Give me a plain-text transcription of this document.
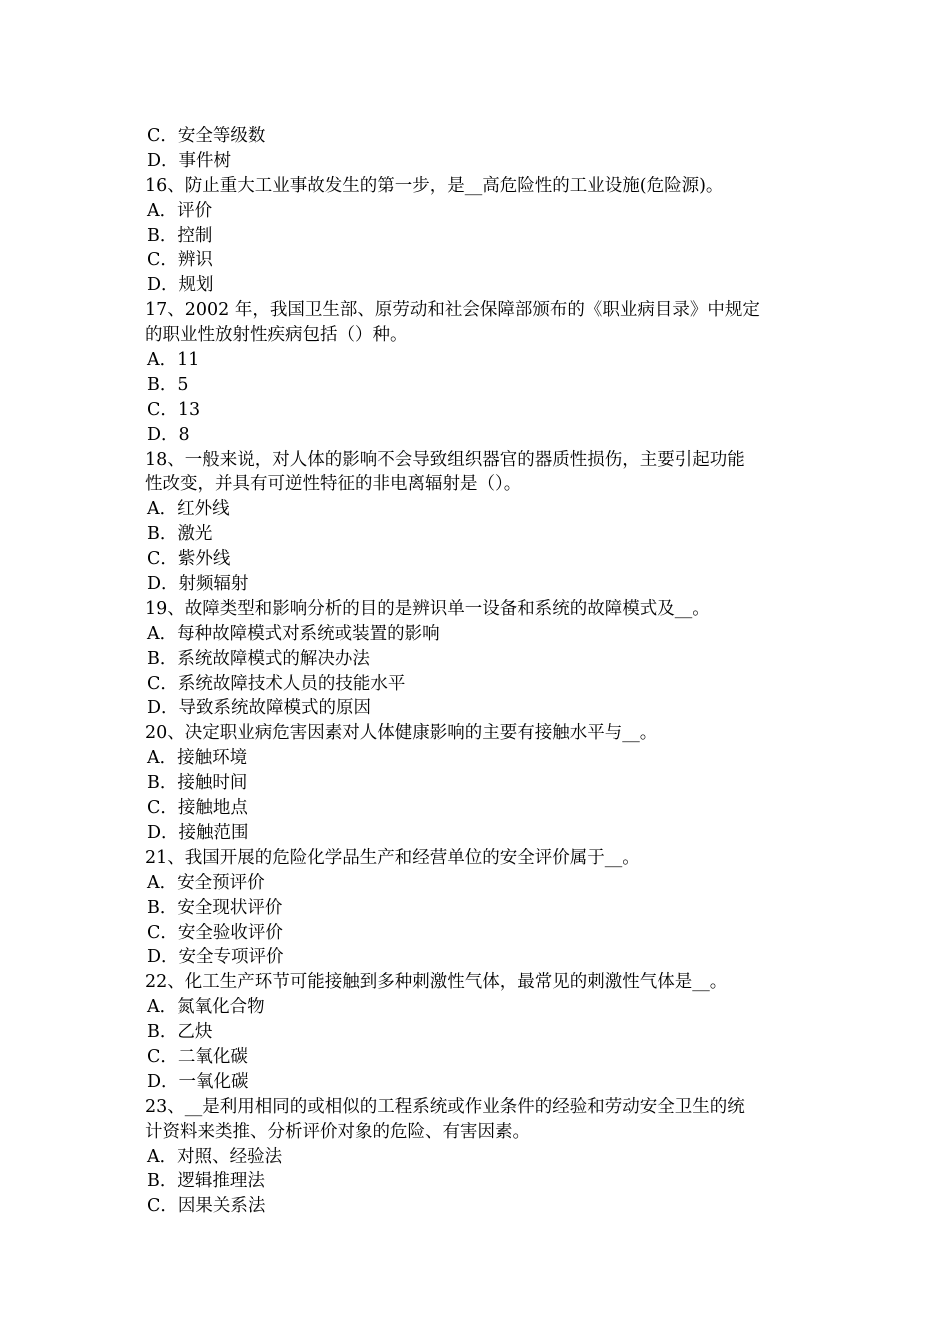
C．安全等级数
D．事件树
16、防止重大工业事故发生的第一步，是__高危险性的工业设施(危险源)。
A．评价
B．控制
C．辨识
D．规划
17、2002 年，我国卫生部、原劳动和社会保障部颁布的《职业病目录》中规定
的职业性放射性疾病包括（）种。
A．11
B．5
C．13
D．8
18、一般来说，对人体的影响不会导致组织器官的器质性损伤，主要引起功能
性改变，并具有可逆性特征的非电离辐射是（）。
A．红外线
B．激光
C．紫外线
D．射频辐射
19、故障类型和影响分析的目的是辨识单一设备和系统的故障模式及__。
A．每种故障模式对系统或装置的影响
B．系统故障模式的解决办法
C．系统故障技术人员的技能水平
D．导致系统故障模式的原因
20、决定职业病危害因素对人体健康影响的主要有接触水平与__。
A．接触环境
B．接触时间
C．接触地点
D．接触范围
21、我国开展的危险化学品生产和经营单位的安全评价属于__。
A．安全预评价
B．安全现状评价
C．安全验收评价
D．安全专项评价
22、化工生产环节可能接触到多种刺激性气体，最常见的刺激性气体是__。
A．氮氧化合物
B．乙炔
C．二氧化碳
D．一氧化碳
23、__是利用相同的或相似的工程系统或作业条件的经验和劳动安全卫生的统
计资料来类推、分析评价对象的危险、有害因素。
A．对照、经验法
B．逻辑推理法
C．因果关系法
